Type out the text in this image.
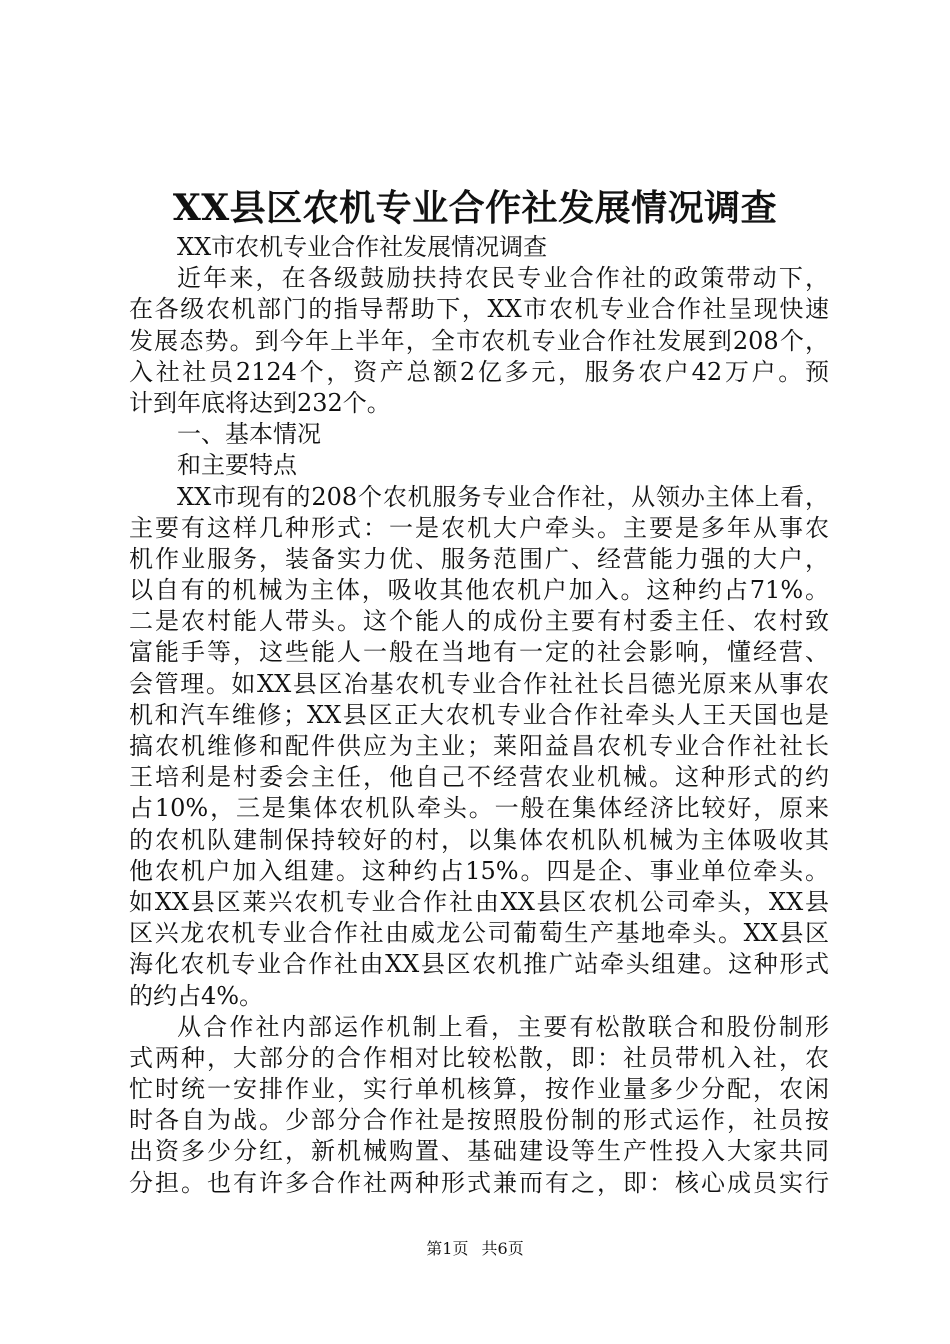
XX县区农机专业合作社发展情况调查
XX市农机专业合作社发展情况调查
近年来，在各级鼓励扶持农民专业合作社的政策带动下，
在各级农机部门的指导帮助下，XX市农机专业合作社呈现快速
发展态势。到今年上半年，全市农机专业合作社发展到208个，
入社社员2124个，资产总额2亿多元，服务农户42万户。预
计到年底将达到232个。
一、基本情况
和主要特点
XX市现有的208个农机服务专业合作社，从领办主体上看，
主要有这样几种形式：一是农机大户牵头。主要是多年从事农
机作业服务，装备实力优、服务范围广、经营能力强的大户，
以自有的机械为主体，吸收其他农机户加入。这种约占71%。
二是农村能人带头。这个能人的成份主要有村委主任、农村致
富能手等，这些能人一般在当地有一定的社会影响，懂经营、
会管理。如XX县区冶基农机专业合作社社长吕德光原来从事农
机和汽车维修；XX县区正大农机专业合作社牵头人王天国也是
搞农机维修和配件供应为主业；莱阳益昌农机专业合作社社长
王培利是村委会主任，他自己不经营农业机械。这种形式的约
占10%，三是集体农机队牵头。一般在集体经济比较好，原来
的农机队建制保持较好的村，以集体农机队机械为主体吸收其
他农机户加入组建。这种约占15%。四是企、事业单位牵头。
如XX县区莱兴农机专业合作社由XX县区农机公司牵头，XX县
区兴龙农机专业合作社由威龙公司葡萄生产基地牵头。XX县区
海化农机专业合作社由XX县区农机推广站牵头组建。这种形式
的约占4%。
从合作社内部运作机制上看，主要有松散联合和股份制形
式两种，大部分的合作相对比较松散，即：社员带机入社，农
忙时统一安排作业，实行单机核算，按作业量多少分配，农闲
时各自为战。少部分合作社是按照股份制的形式运作，社员按
出资多少分红，新机械购置、基础建设等生产性投入大家共同
分担。也有许多合作社两种形式兼而有之，即：核心成员实行
第1页 共6页
